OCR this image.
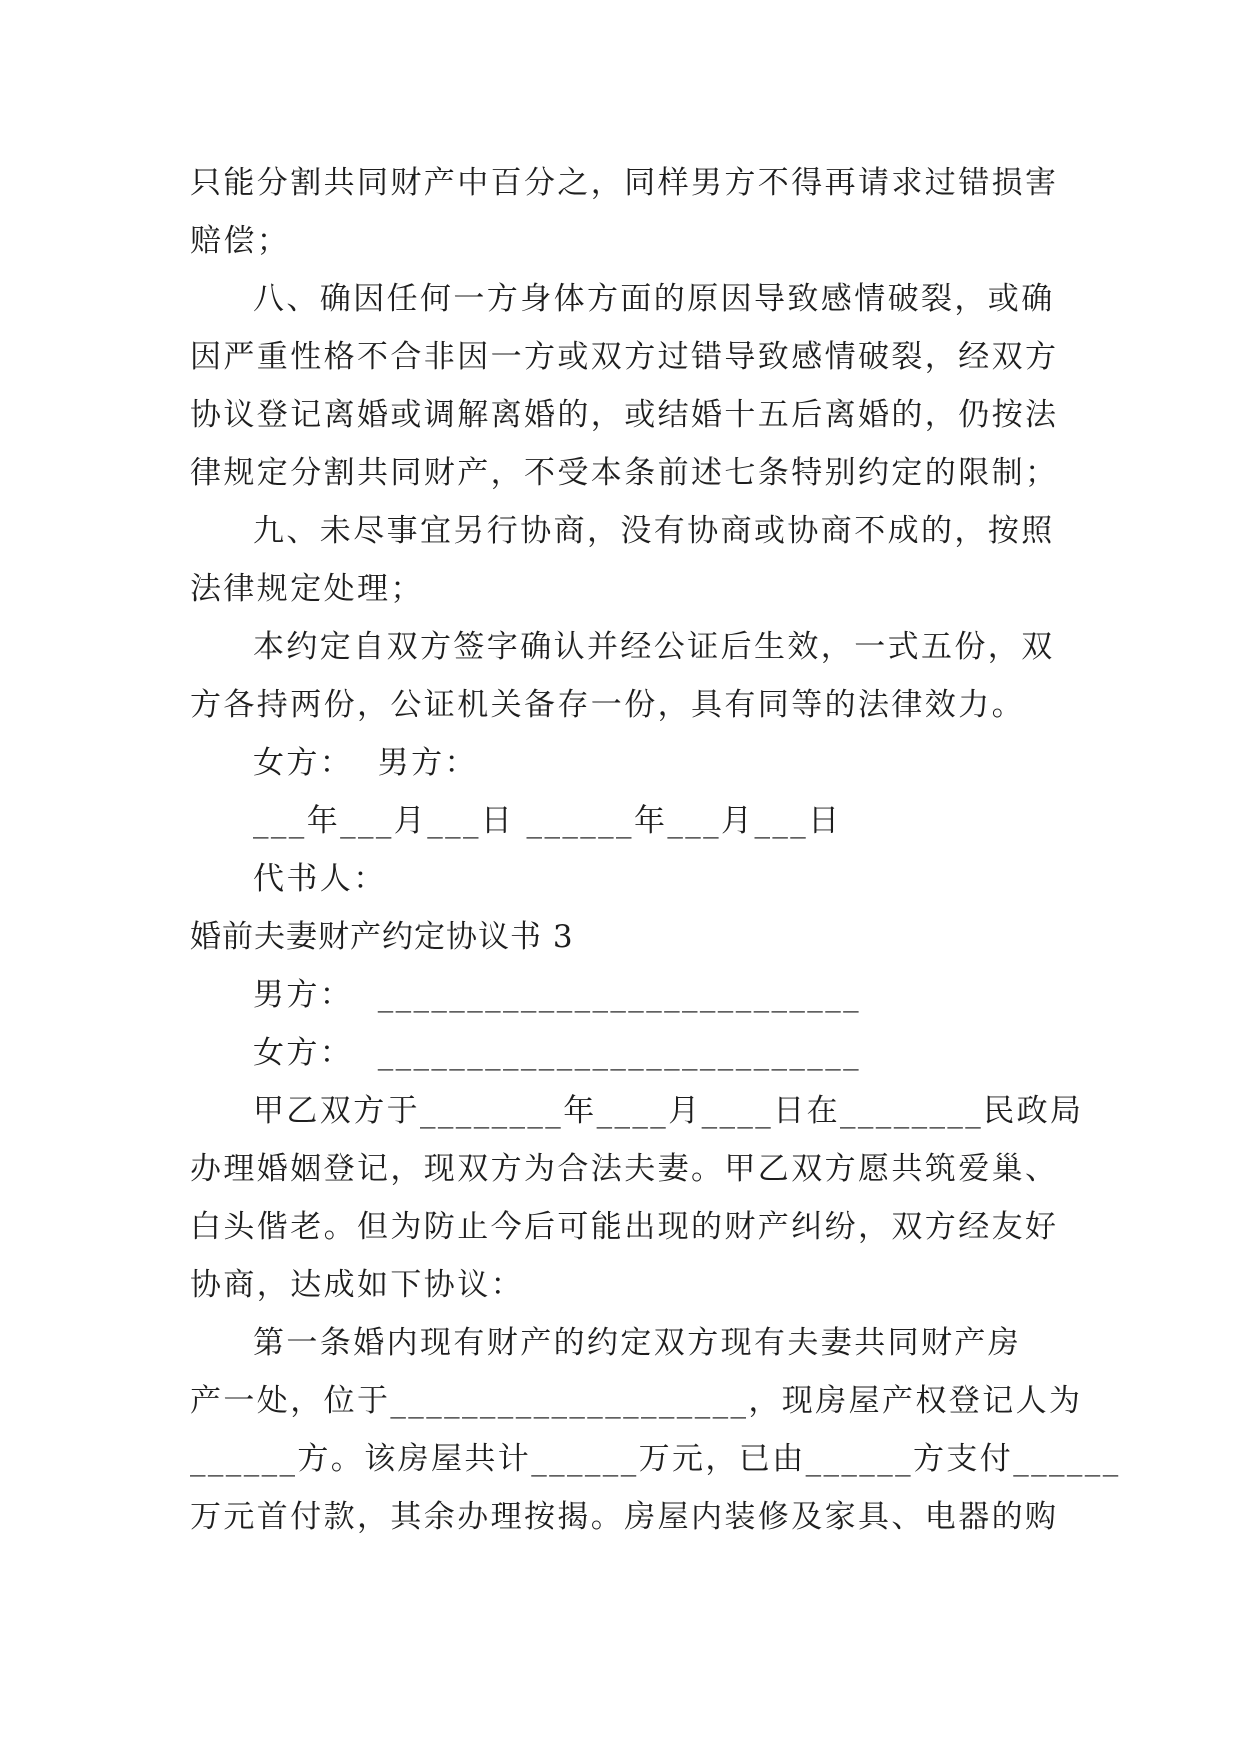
只能分割共同财产中百分之，同样男方不得再请求过错损害
赔偿；
八、确因任何一方身体方面的原因导致感情破裂，或确
因严重性格不合非因一方或双方过错导致感情破裂，经双方
协议登记离婚或调解离婚的，或结婚十五后离婚的，仍按法
律规定分割共同财产，不受本条前述七条特别约定的限制；
九、未尽事宜另行协商，没有协商或协商不成的，按照
法律规定处理；
本约定自双方签字确认并经公证后生效，一式五份，双
方各持两份，公证机关备存一份，具有同等的法律效力。
女方：  男方：
___年___月___日 ______年___月___日
代书人：
婚前夫妻财产约定协议书 3
男方：  ___________________________
女方：  ___________________________
甲乙双方于________年____月____日在________民政局
办理婚姻登记，现双方为合法夫妻。甲乙双方愿共筑爱巢、
白头偕老。但为防止今后可能出现的财产纠纷，双方经友好
协商，达成如下协议：
第一条婚内现有财产的约定双方现有夫妻共同财产房
产一处，位于____________________，现房屋产权登记人为
______方。该房屋共计______万元，已由______方支付______
万元首付款，其余办理按揭。房屋内装修及家具、电器的购
